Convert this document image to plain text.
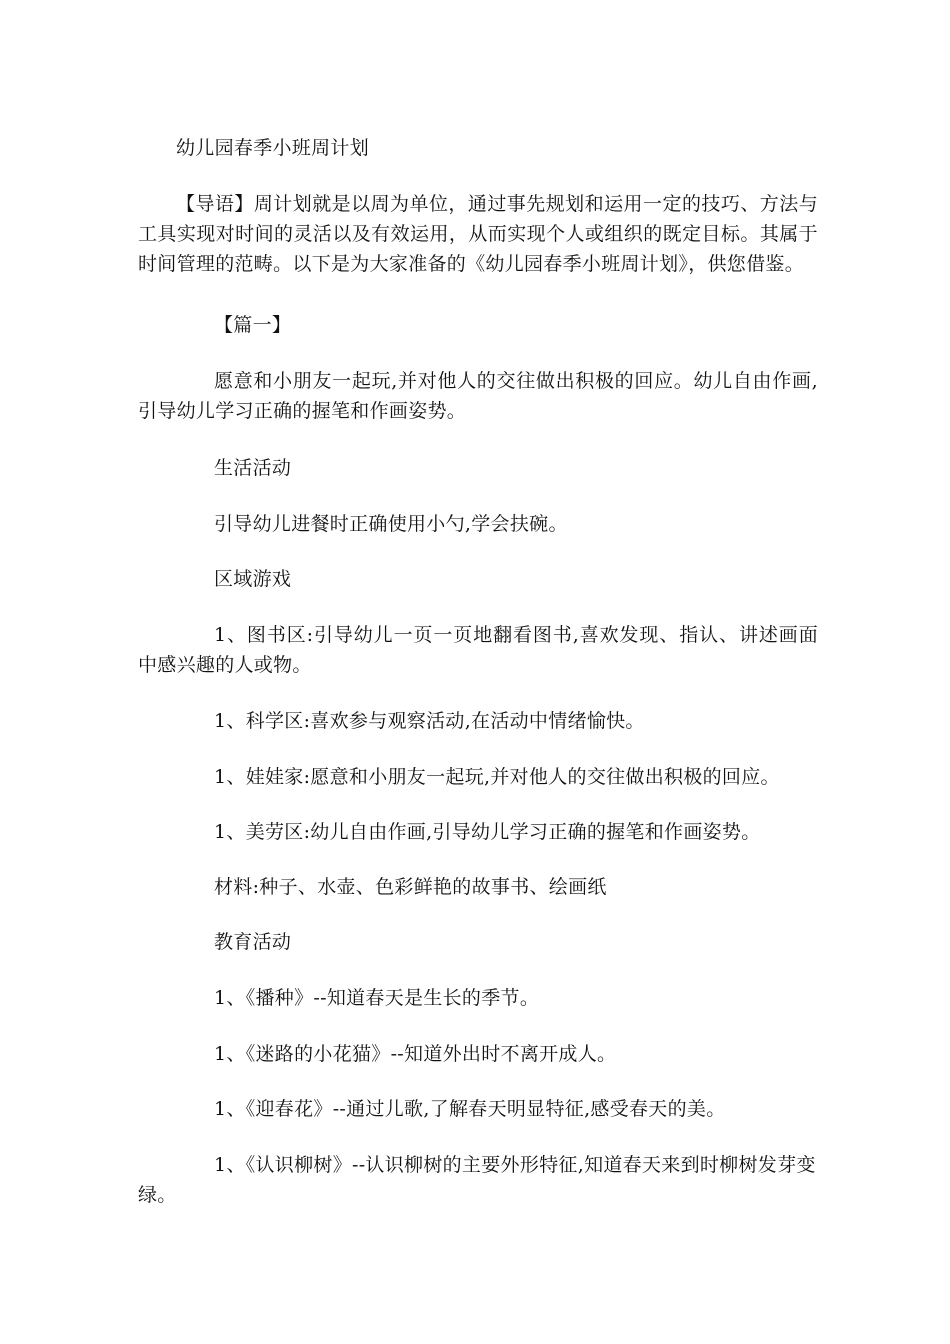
幼儿园春季小班周计划
【导语】周计划就是以周为单位，通过事先规划和运用一定的技巧、方法与工具实现对时间的灵活以及有效运用，从而实现个人或组织的既定目标。其属于时间管理的范畴。以下是为大家准备的《幼儿园春季小班周计划》，供您借鉴。
【篇一】
愿意和小朋友一起玩,并对他人的交往做出积极的回应。幼儿自由作画,引导幼儿学习正确的握笔和作画姿势。
生活活动
引导幼儿进餐时正确使用小勺,学会扶碗。
区域游戏
1、图书区:引导幼儿一页一页地翻看图书,喜欢发现、指认、讲述画面中感兴趣的人或物。
1、科学区:喜欢参与观察活动,在活动中情绪愉快。
1、娃娃家:愿意和小朋友一起玩,并对他人的交往做出积极的回应。
1、美劳区:幼儿自由作画,引导幼儿学习正确的握笔和作画姿势。
材料:种子、水壶、色彩鲜艳的故事书、绘画纸
教育活动
1、《播种》--知道春天是生长的季节。
1、《迷路的小花猫》--知道外出时不离开成人。
1、《迎春花》--通过儿歌,了解春天明显特征,感受春天的美。
1、《认识柳树》--认识柳树的主要外形特征,知道春天来到时柳树发芽变绿。
